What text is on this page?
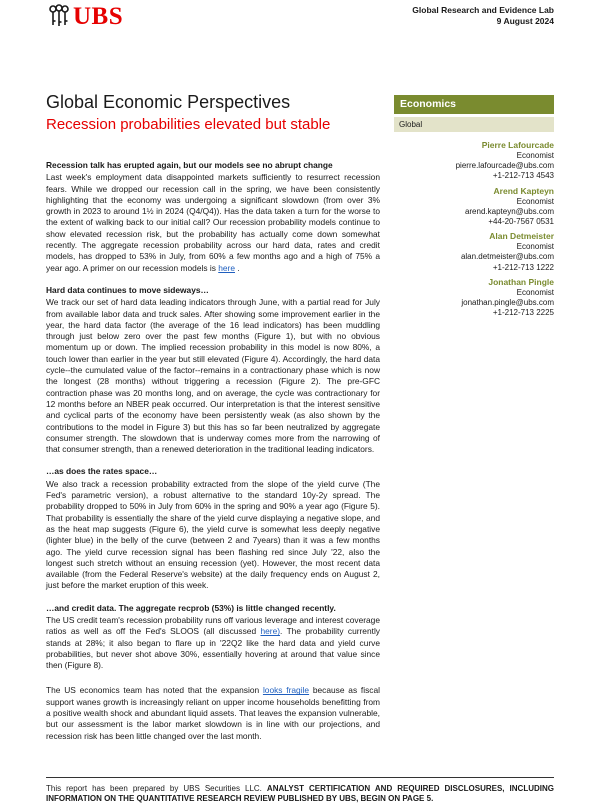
UBS	Global Research and Evidence Lab
9 August 2024
Global Economic Perspectives
Recession probabilities elevated but stable
Economics
Global
Pierre Lafourcade
Economist
pierre.lafourcade@ubs.com
+1-212-713 4543
Arend Kapteyn
Economist
arend.kapteyn@ubs.com
+44-20-7567 0531
Alan Detmeister
Economist
alan.detmeister@ubs.com
+1-212-713 1222
Jonathan Pingle
Economist
jonathan.pingle@ubs.com
+1-212-713 2225
Recession talk has erupted again, but our models see no abrupt change

Last week's employment data disappointed markets sufficiently to resurrect recession fears. While we dropped our recession call in the spring, we have been consistently highlighting that the economy was undergoing a significant slowdown (from over 3% growth in 2023 to around 1½ in 2024 (Q4/Q4)). Has the data taken a turn for the worse to the extent of walking back to our initial call? Our recession probability models continue to show elevated recession risk, but the probability has actually come down somewhat recently. The aggregate recession probability across our hard data, rates and credit models, has dropped to 53% in July, from 60% a few months ago and a high of 75% a year ago. A primer on our recession models is here .

Hard data continues to move sideways…

We track our set of hard data leading indicators through June, with a partial read for July from available labor data and truck sales. After showing some improvement earlier in the year, the hard data factor (the average of the 16 lead indicators) has been muddling through just below zero over the past few months (Figure 1), but with no obvious momentum up or down. The implied recession probability in this model is now 80%, a touch lower than earlier in the year but still elevated (Figure 4). Accordingly, the hard data cycle--the cumulated value of the factor--remains in a contractionary phase which is now the longest (28 months) without triggering a recession (Figure 2). The pre-GFC contraction phase was 20 months long, and on average, the cycle was contractionary for 12 months before an NBER peak occurred. Our interpretation is that the interest sensitive and cyclical parts of the economy have been persistently weak (as also shown by the contributions to the model in Figure 3) but this has so far been neutralized by aggregate consumer strength. The slowdown that is underway comes more from the narrowing of that consumer strength, than a renewed deterioration in the traditional leading indicators.

…as does the rates space…

We also track a recession probability extracted from the slope of the yield curve (The Fed's parametric version), a robust alternative to the standard 10y-2y spread. The probability dropped to 50% in July from 60% in the spring and 90% a year ago (Figure 5). That probability is essentially the share of the yield curve displaying a negative slope, and as the heat map suggests (Figure 6), the yield curve is somewhat less deeply negative (lighter blue) in the belly of the curve (between 2 and 7years) than it was a few months ago. The yield curve recession signal has been flashing red since July '22, also the longest such stretch without an ensuing recession (yet). However, the most recent data available (from the Federal Reserve's website) at the daily frequency ends on August 2, just before the market eruption of this week.

…and credit data. The aggregate recprob (53%) is little changed recently.

The US credit team's recession probability runs off various leverage and interest coverage ratios as well as off the Fed's SLOOS (all discussed here). The probability currently stands at 28%; it also began to flare up in '22Q2 like the hard data and yield curve probabilities, but never shot above 30%, essentially hovering at around that value since then (Figure 8).

The US economics team has noted that the expansion looks fragile because as fiscal support wanes growth is increasingly reliant on upper income households benefitting from a positive wealth shock and abundant liquid assets. That leaves the expansion vulnerable, but our assessment is the labor market slowdown is in line with our projections, and recession risk has been little changed over the last month.

This report has been prepared by UBS Securities LLC. ANALYST CERTIFICATION AND REQUIRED DISCLOSURES, INCLUDING INFORMATION ON THE QUANTITATIVE RESEARCH REVIEW PUBLISHED BY UBS, BEGIN ON PAGE 5.
